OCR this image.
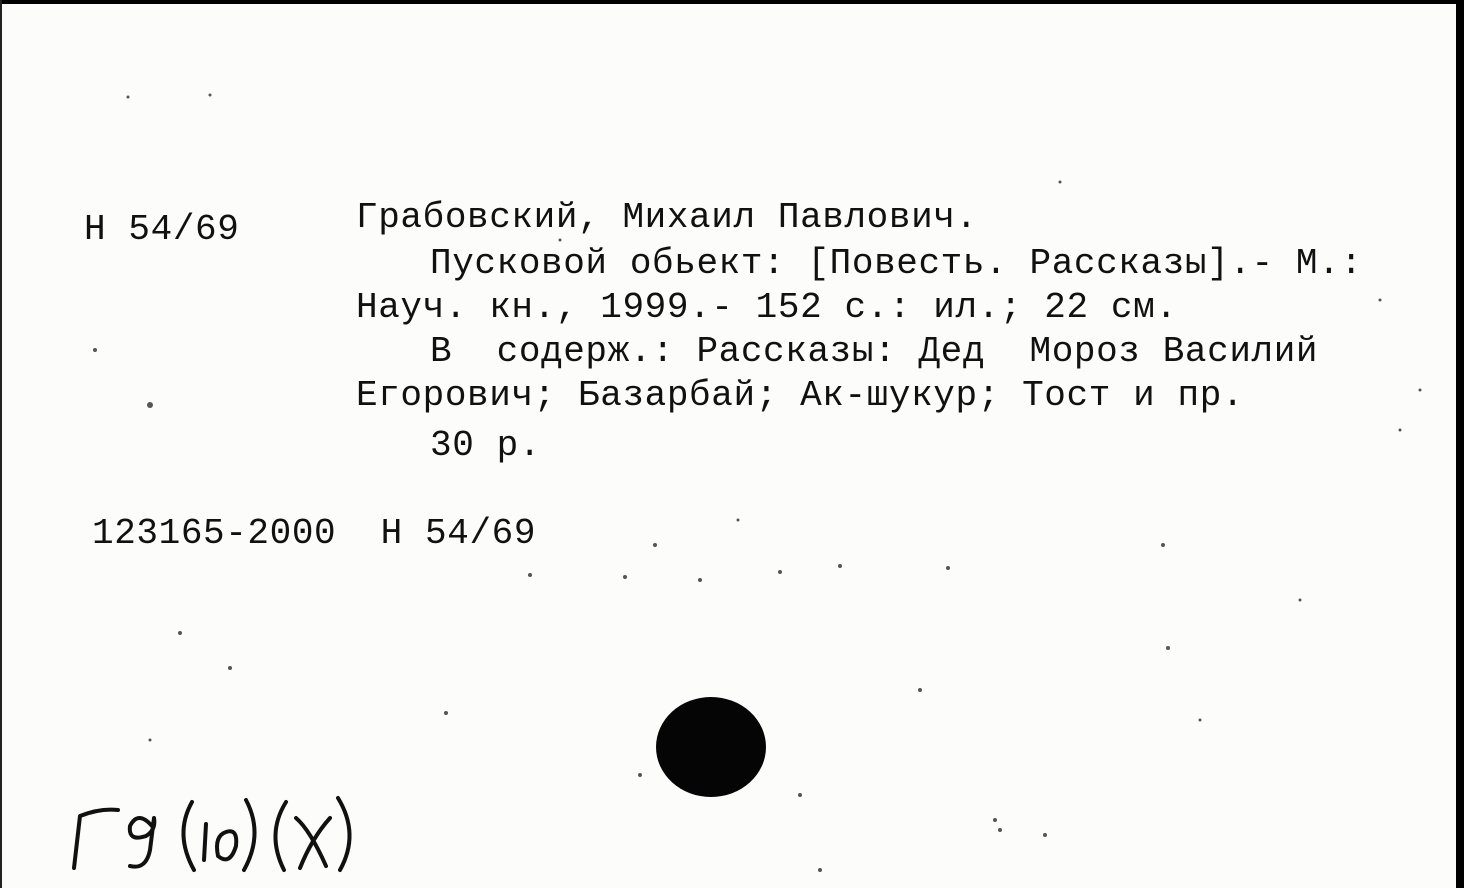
Н 54/69	Грабовский, Михаил Павлович.
Пусковой обьект: [Повесть. Рассказы].- М.:
Науч. кн., 1999.- 152 с.: ил.; 22 см.
В  содерж.: Рассказы: Дед  Мороз Василий
Егорович; Базарбай; Ак-шукур; Тост и пр.
30 р.
123165-2000  Н 54/69
